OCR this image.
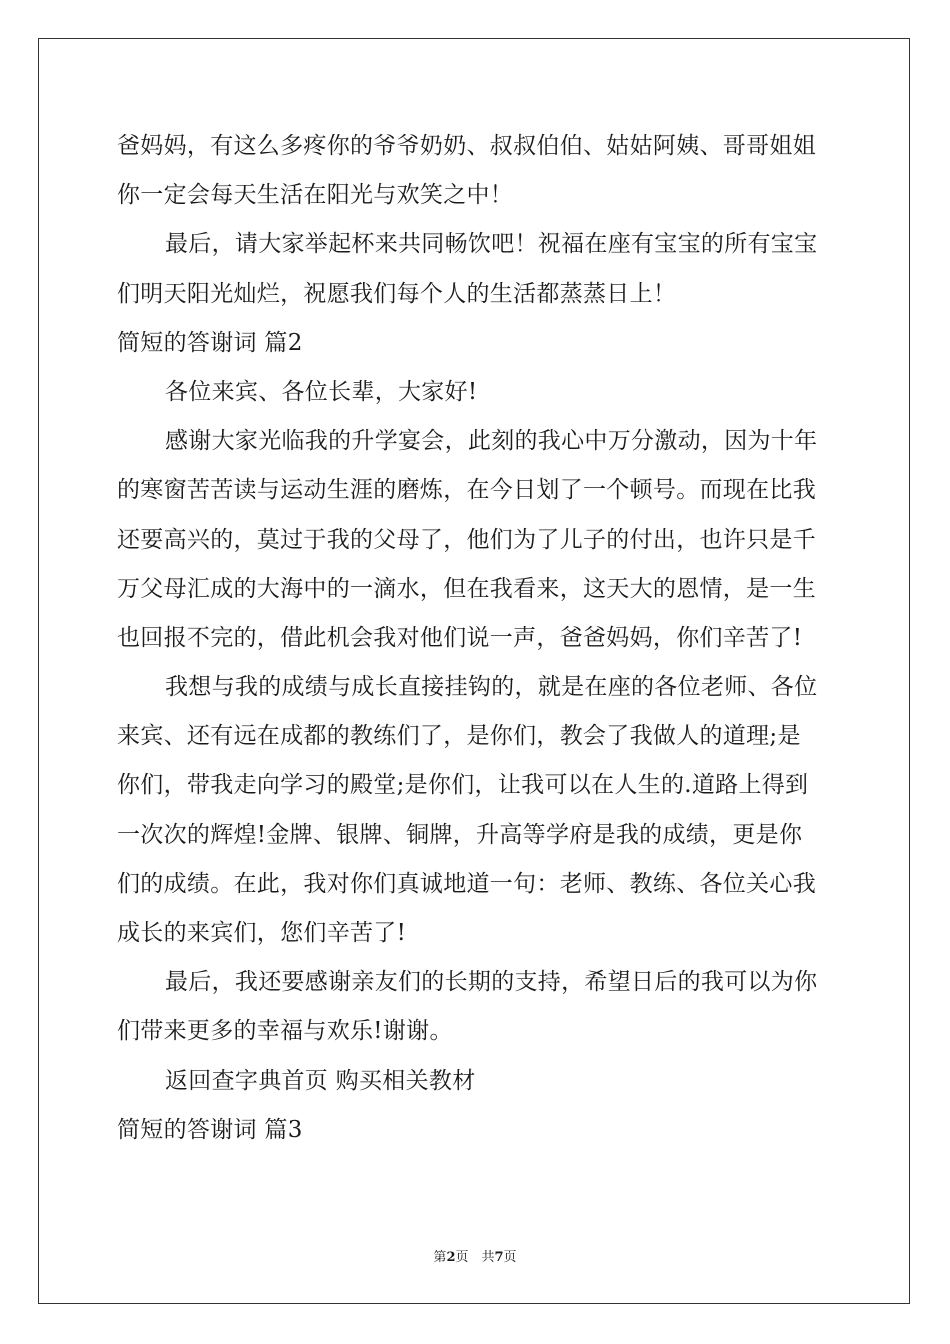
爸妈妈，有这么多疼你的爷爷奶奶、叔叔伯伯、姑姑阿姨、哥哥姐姐
你一定会每天生活在阳光与欢笑之中！
最后，请大家举起杯来共同畅饮吧！祝福在座有宝宝的所有宝宝
们明天阳光灿烂，祝愿我们每个人的生活都蒸蒸日上！
简短的答谢词 篇2
各位来宾、各位长辈，大家好!
感谢大家光临我的升学宴会，此刻的我心中万分激动，因为十年
的寒窗苦苦读与运动生涯的磨炼，在今日划了一个顿号。而现在比我
还要高兴的，莫过于我的父母了，他们为了儿子的付出，也许只是千
万父母汇成的大海中的一滴水，但在我看来，这天大的恩情，是一生
也回报不完的，借此机会我对他们说一声，爸爸妈妈，你们辛苦了!
我想与我的成绩与成长直接挂钩的，就是在座的各位老师、各位
来宾、还有远在成都的教练们了，是你们，教会了我做人的道理;是
你们，带我走向学习的殿堂;是你们，让我可以在人生的.道路上得到
一次次的辉煌!金牌、银牌、铜牌，升高等学府是我的成绩，更是你
们的成绩。在此，我对你们真诚地道一句：老师、教练、各位关心我
成长的来宾们，您们辛苦了!
最后，我还要感谢亲友们的长期的支持，希望日后的我可以为你
们带来更多的幸福与欢乐!谢谢。
返回查字典首页 购买相关教材
简短的答谢词 篇3
第2页　共7页
